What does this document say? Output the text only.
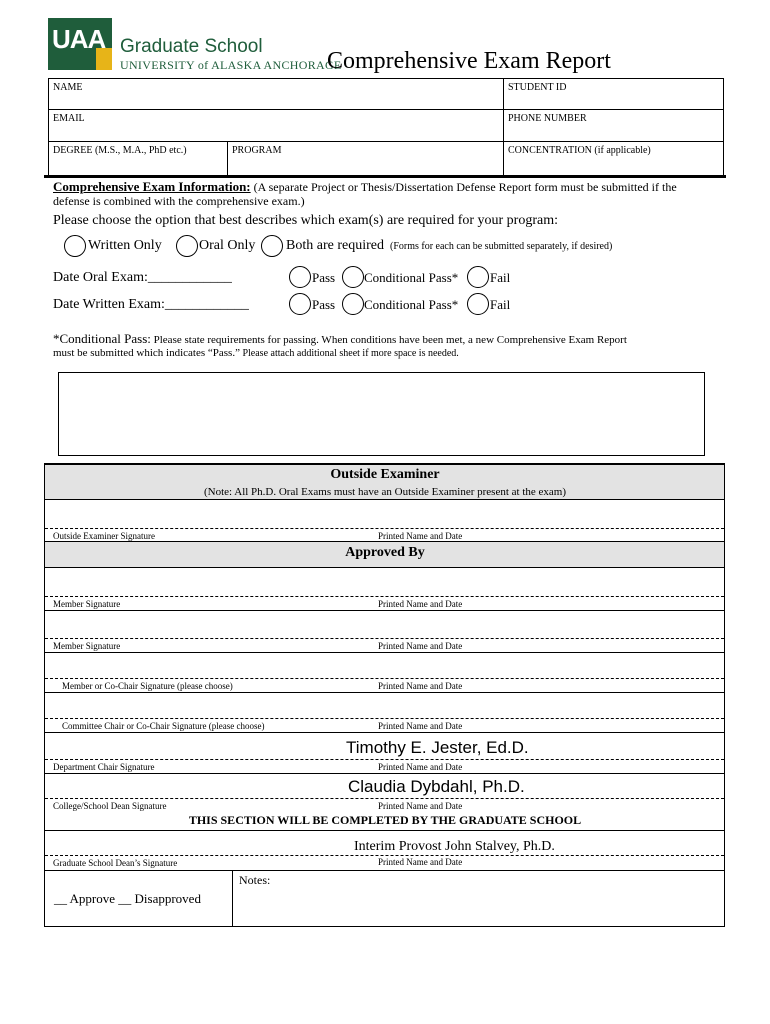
UAA Graduate School
UNIVERSITY of ALASKA ANCHORAGE
Comprehensive Exam Report
NAME	STUDENT ID
EMAIL	PHONE NUMBER
DEGREE (M.S., M.A., PhD etc.)	PROGRAM	CONCENTRATION (if applicable)
Comprehensive Exam Information: (A separate Project or Thesis/Dissertation Defense Report form must be submitted if the
defense is combined with the comprehensive exam.)
Please choose the option that best describes which exam(s) are required for your program:
Written Only	Oral Only Both are required (Forms for each can be submitted separately, if desired)
Date Oral Exam:____________	Pass Conditional Pass* Fail
Date Written Exam:____________	Pass Conditional Pass* Fail
*Conditional Pass: Please state requirements for passing. When conditions have been met, a new Comprehensive Exam Report
must be submitted which indicates “Pass.” Please attach additional sheet if more space is needed.
Outside Examiner
(Note: All Ph.D. Oral Exams must have an Outside Examiner present at the exam)
Outside Examiner Signature	Printed Name and Date
Approved By
Member Signature	Printed Name and Date
Member Signature	Printed Name and Date
Member or Co-Chair Signature (please choose)	Printed Name and Date
Committee Chair or Co-Chair Signature (please choose)	Printed Name and Date
Timothy E. Jester, Ed.D.
Department Chair Signature	Printed Name and Date
Claudia Dybdahl, Ph.D.
College/School Dean Signature	Printed Name and Date
THIS SECTION WILL BE COMPLETED BY THE GRADUATE SCHOOL
Interim Provost John Stalvey, Ph.D.
Graduate School Dean’s Signature	Printed Name and Date
__ Approve __ Disapproved
Notes:
